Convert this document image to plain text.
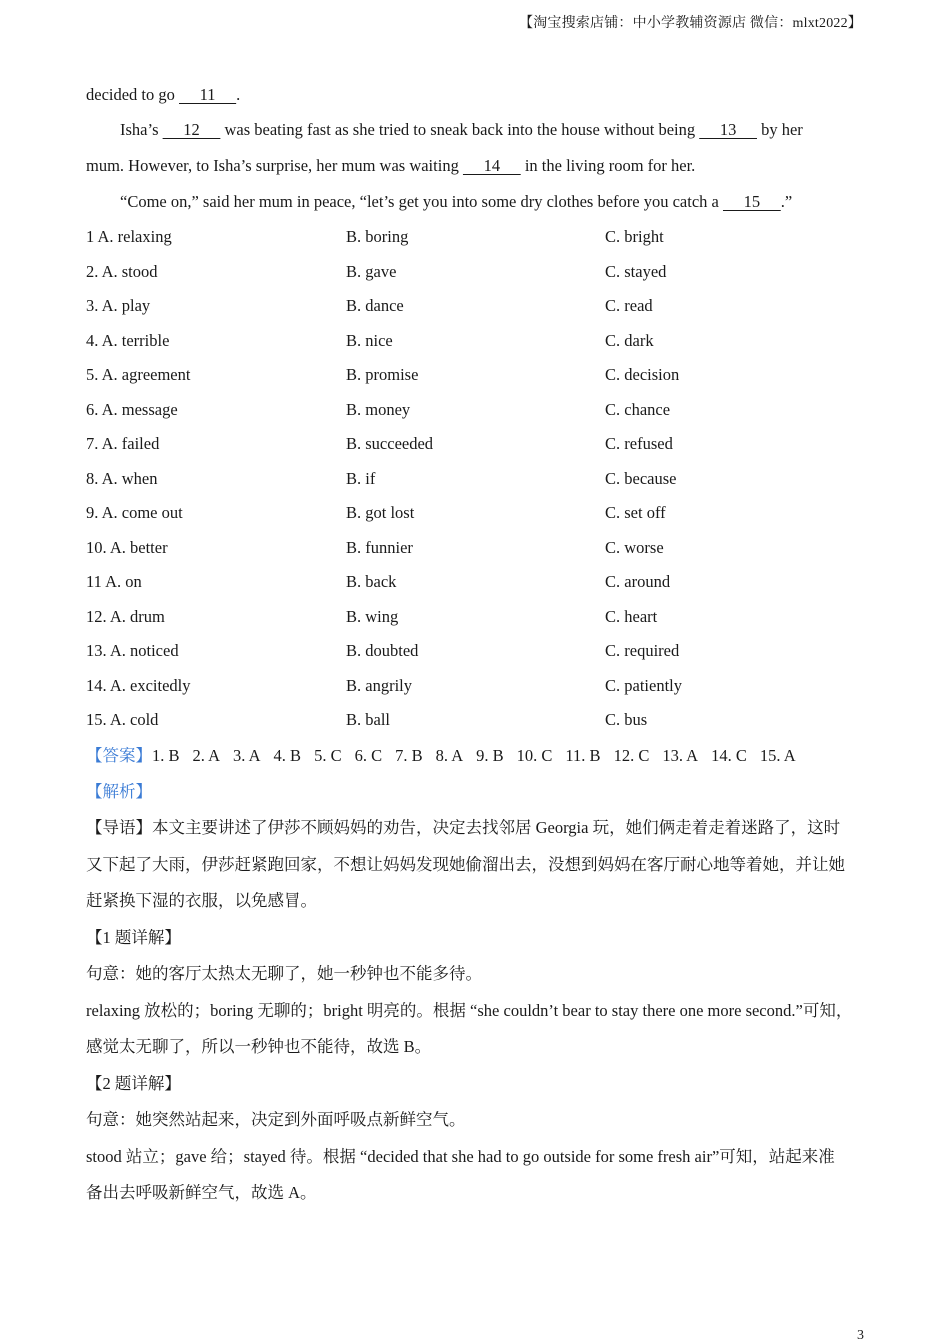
【淘宝搜索店铺：中小学教辅资源店 微信：mlxt2022】
decided to go      11     .
Isha’s      12      was beating fast as she tried to sneak back into the house without being      13      by her
mum. However, to Isha’s surprise, her mum was waiting      14      in the living room for her.
“Come on,” said her mum in peace, “let’s get you into some dry clothes before you catch a      15     .”
1 A. relaxing	B. boring	C. bright
2. A. stood	B. gave	C. stayed
3. A. play	B. dance	C. read
4. A. terrible	B. nice	C. dark
5. A. agreement	B. promise	C. decision
6. A. message	B. money	C. chance
7. A. failed	B. succeeded	C. refused
8. A. when	B. if	C. because
9. A. come out	B. got lost	C. set off
10. A. better	B. funnier	C. worse
11 A. on	B. back	C. around
12. A. drum	B. wing	C. heart
13. A. noticed	B. doubted	C. required
14. A. excitedly	B. angrily	C. patiently
15. A. cold	B. ball	C. bus
【答案】1. B 2. A 3. A 4. B 5. C 6. C 7. B 8. A 9. B 10. C 11. B 12. C 13. A 14. C 15. A
【解析】
【导语】本文主要讲述了伊莎不顾妈妈的劝告，决定去找邻居 Georgia 玩，她们俩走着走着迷路了，这时
又下起了大雨，伊莎赶紧跑回家，不想让妈妈发现她偷溜出去，没想到妈妈在客厅耐心地等着她，并让她
赶紧换下湿的衣服，以免感冒。
【1 题详解】
句意：她的客厅太热太无聊了，她一秒钟也不能多待。
relaxing 放松的；boring 无聊的；bright 明亮的。根据 “she couldn’t bear to stay there one more second.”可知，
感觉太无聊了，所以一秒钟也不能待，故选 B。
【2 题详解】
句意：她突然站起来，决定到外面呼吸点新鲜空气。
stood 站立；gave 给；stayed 待。根据 “decided that she had to go outside for some fresh air”可知，站起来准
备出去呼吸新鲜空气，故选 A。
3
